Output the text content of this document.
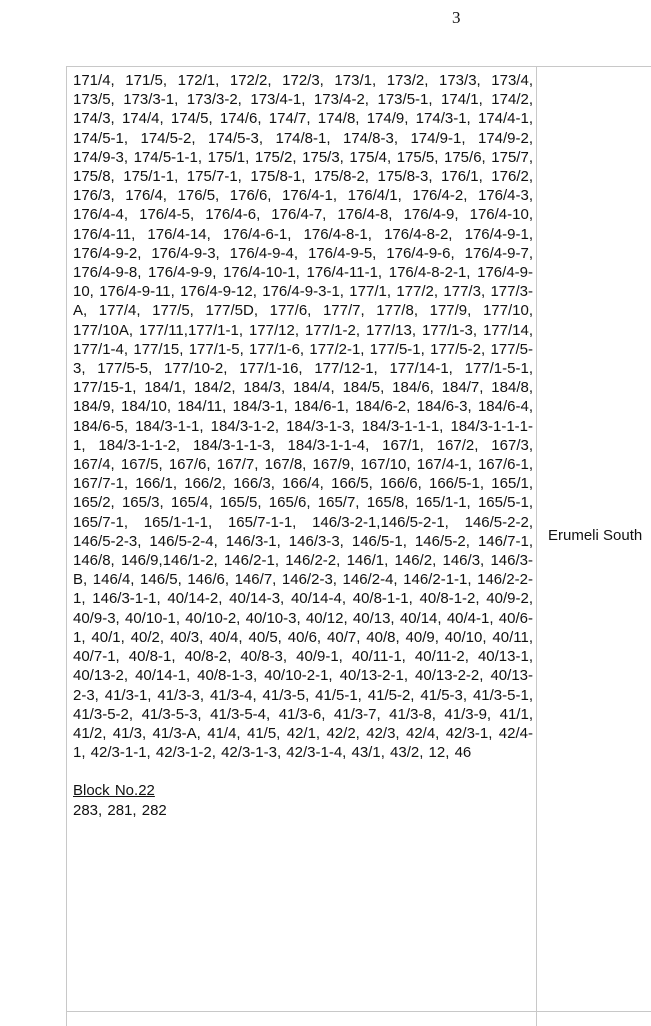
3

171/4, 171/5, 172/1, 172/2, 172/3, 173/1, 173/2, 173/3, 173/4, 173/5, 173/3-1, 173/3-2, 173/4-1, 173/4-2, 173/5-1, 174/1, 174/2, 174/3, 174/4, 174/5, 174/6, 174/7, 174/8, 174/9, 174/3-1, 174/4-1, 174/5-1, 174/5-2, 174/5-3, 174/8-1, 174/8-3, 174/9-1, 174/9-2, 174/9-3, 174/5-1-1, 175/1, 175/2, 175/3, 175/4, 175/5, 175/6, 175/7, 175/8, 175/1-1, 175/7-1, 175/8-1, 175/8-2, 175/8-3, 176/1, 176/2, 176/3, 176/4, 176/5, 176/6, 176/4-1, 176/4/1, 176/4-2, 176/4-3, 176/4-4, 176/4-5, 176/4-6, 176/4-7, 176/4-8, 176/4-9, 176/4-10, 176/4-11, 176/4-14, 176/4-6-1, 176/4-8-1, 176/4-8-2, 176/4-9-1, 176/4-9-2, 176/4-9-3, 176/4-9-4, 176/4-9-5, 176/4-9-6, 176/4-9-7, 176/4-9-8, 176/4-9-9, 176/4-10-1, 176/4-11-1, 176/4-8-2-1, 176/4-9-10, 176/4-9-11, 176/4-9-12, 176/4-9-3-1, 177/1, 177/2, 177/3, 177/3-A, 177/4, 177/5, 177/5D, 177/6, 177/7, 177/8, 177/9, 177/10, 177/10A, 177/11,177/1-1, 177/12, 177/1-2, 177/13, 177/1-3, 177/14, 177/1-4, 177/15, 177/1-5, 177/1-6, 177/2-1, 177/5-1, 177/5-2, 177/5-3, 177/5-5, 177/10-2, 177/1-16, 177/12-1, 177/14-1, 177/1-5-1, 177/15-1, 184/1, 184/2, 184/3, 184/4, 184/5, 184/6, 184/7, 184/8, 184/9, 184/10, 184/11, 184/3-1, 184/6-1, 184/6-2, 184/6-3, 184/6-4, 184/6-5, 184/3-1-1, 184/3-1-2, 184/3-1-3, 184/3-1-1-1, 184/3-1-1-1-1, 184/3-1-1-2, 184/3-1-1-3, 184/3-1-1-4, 167/1, 167/2, 167/3, 167/4, 167/5, 167/6, 167/7, 167/8, 167/9, 167/10, 167/4-1, 167/6-1, 167/7-1, 166/1, 166/2, 166/3, 166/4, 166/5, 166/6, 166/5-1, 165/1, 165/2, 165/3, 165/4, 165/5, 165/6, 165/7, 165/8, 165/1-1, 165/5-1, 165/7-1, 165/1-1-1, 165/7-1-1, 146/3-2-1,146/5-2-1, 146/5-2-2, 146/5-2-3, 146/5-2-4, 146/3-1, 146/3-3, 146/5-1, 146/5-2, 146/7-1, 146/8, 146/9,146/1-2, 146/2-1, 146/2-2, 146/1, 146/2, 146/3, 146/3-B, 146/4, 146/5, 146/6, 146/7, 146/2-3, 146/2-4, 146/2-1-1, 146/2-2-1, 146/3-1-1, 40/14-2, 40/14-3, 40/14-4, 40/8-1-1, 40/8-1-2, 40/9-2, 40/9-3, 40/10-1, 40/10-2, 40/10-3, 40/12, 40/13, 40/14, 40/4-1, 40/6-1, 40/1, 40/2, 40/3, 40/4, 40/5, 40/6, 40/7, 40/8, 40/9, 40/10, 40/11, 40/7-1, 40/8-1, 40/8-2, 40/8-3, 40/9-1, 40/11-1, 40/11-2, 40/13-1, 40/13-2, 40/14-1, 40/8-1-3, 40/10-2-1, 40/13-2-1, 40/13-2-2, 40/13-2-3, 41/3-1, 41/3-3, 41/3-4, 41/3-5, 41/5-1, 41/5-2, 41/5-3, 41/3-5-1, 41/3-5-2, 41/3-5-3, 41/3-5-4, 41/3-6, 41/3-7, 41/3-8, 41/3-9, 41/1, 41/2, 41/3, 41/3-A, 41/4, 41/5, 42/1, 42/2, 42/3, 42/4, 42/3-1, 42/4-1, 42/3-1-1, 42/3-1-2, 42/3-1-3, 42/3-1-4, 43/1, 43/2, 12, 46

Block No.22

283, 281, 282

Erumeli South
